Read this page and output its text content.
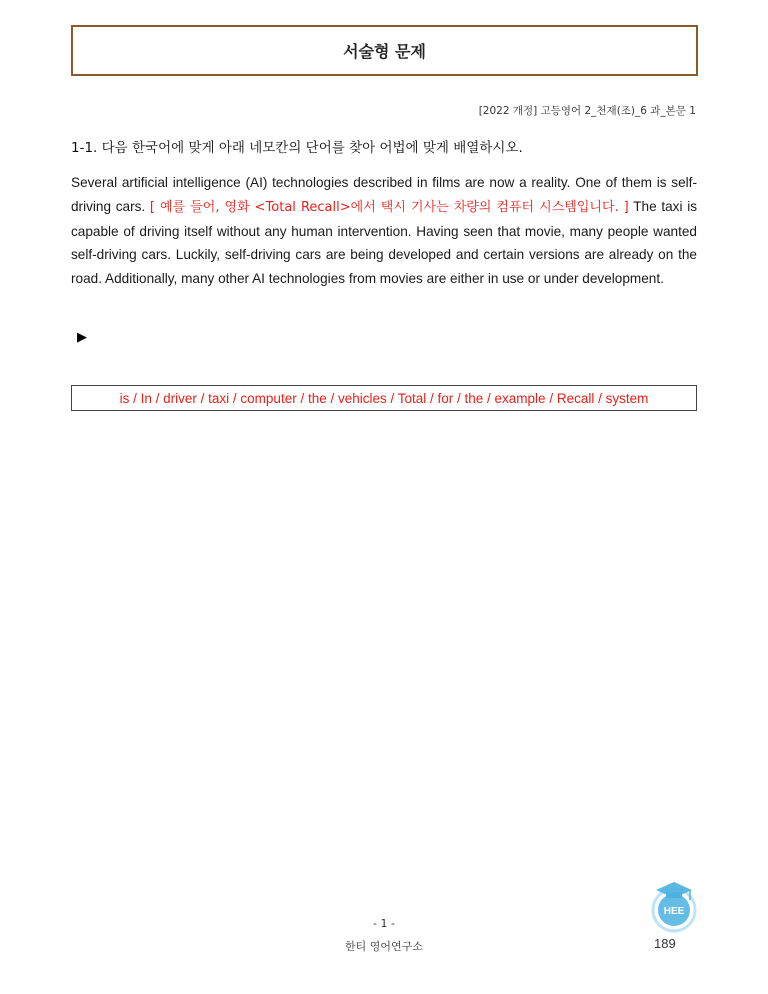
서술형 문제
[2022 개정] 고등영어 2_천재(조)_6 과_본문 1
1-1. 다음 한국어에 맞게 아래 네모칸의 단어를 찾아 어법에 맞게 배열하시오.
Several artificial intelligence (AI) technologies described in films are now a reality. One of them is self-driving cars. [ 예를 들어, 영화 <Total Recall>에서 택시 기사는 차량의 컴퓨터 시스템입니다. ] The taxi is capable of driving itself without any human intervention. Having seen that movie, many people wanted self-driving cars. Luckily, self-driving cars are being developed and certain versions are already on the road. Additionally, many other AI technologies from movies are either in use or under development.
▶
is / In / driver / taxi / computer / the / vehicles / Total / for / the / example / Recall / system
- 1 -
한티 영어연구소	189
HEE
